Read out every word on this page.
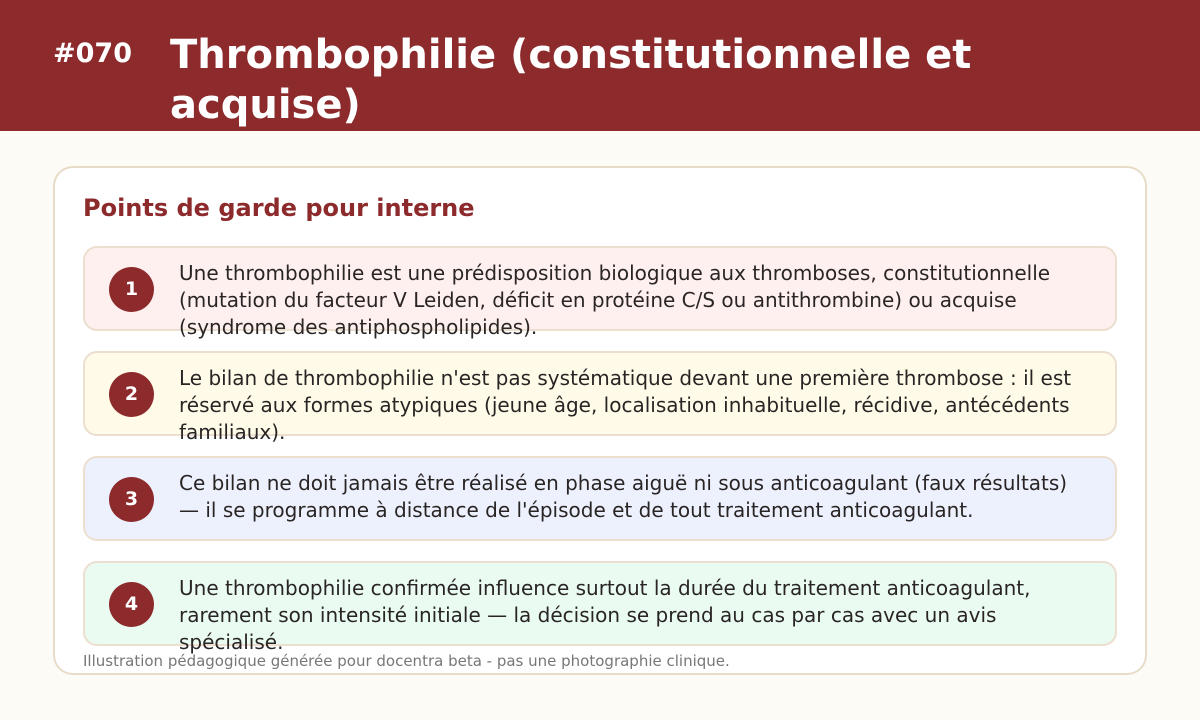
#070 Thrombophilie (constitutionnelle et acquise)
Points de garde pour interne
1
Une thrombophilie est une prédisposition biologique aux thromboses, constitutionnelle (mutation du facteur V Leiden, déficit en protéine C/S ou antithrombine) ou acquise (syndrome des antiphospholipides).
2
Le bilan de thrombophilie n'est pas systématique devant une première thrombose : il est réservé aux formes atypiques (jeune âge, localisation inhabituelle, récidive, antécédents familiaux).
3
Ce bilan ne doit jamais être réalisé en phase aiguë ni sous anticoagulant (faux résultats) — il se programme à distance de l'épisode et de tout traitement anticoagulant.
4
Une thrombophilie confirmée influence surtout la durée du traitement anticoagulant, rarement son intensité initiale — la décision se prend au cas par cas avec un avis spécialisé.
Illustration pédagogique générée pour docentra beta - pas une photographie clinique.
